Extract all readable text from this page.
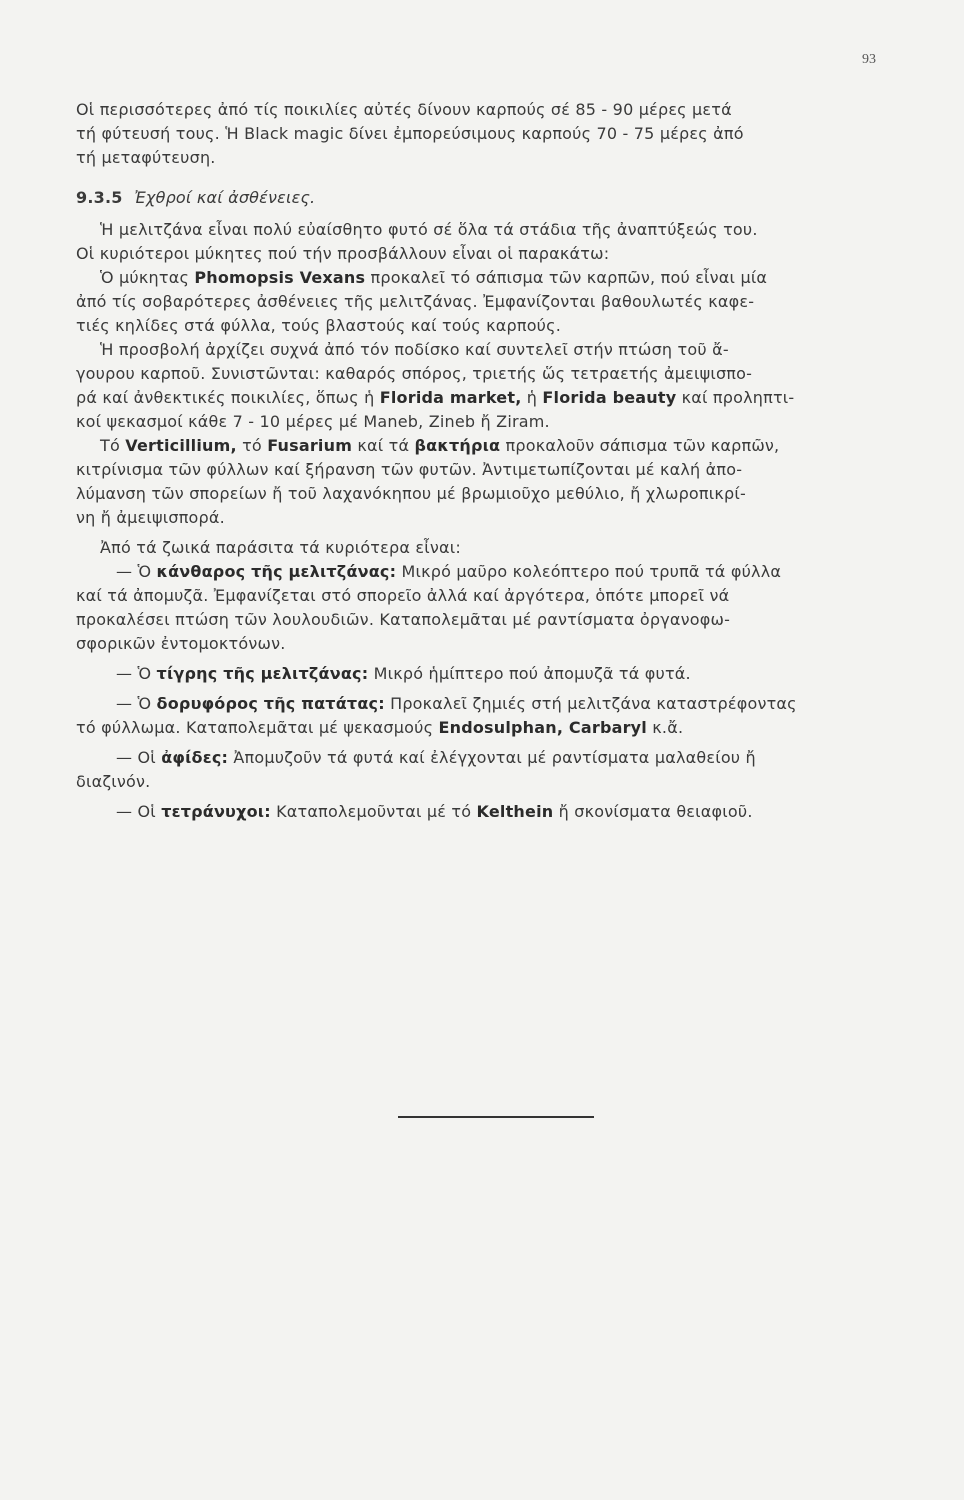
93
Οἱ περισσότερες ἀπό τίς ποικιλίες αὐτές δίνουν καρπούς σέ 85 - 90 μέρες μετά
τή φύτευσή τους. Ἡ Black magic δίνει ἐμπορεύσιμους καρπούς 70 - 75 μέρες ἀπό
τή μεταφύτευση.
9.3.5 Ἐχθροί καί ἀσθένειες.
Ἡ μελιτζάνα εἶναι πολύ εὐαίσθητο φυτό σέ ὅλα τά στάδια τῆς ἀναπτύξεώς του.
Οἱ κυριότεροι μύκητες πού τήν προσβάλλουν εἶναι οἱ παρακάτω:
Ὁ μύκητας Phomopsis Vexans προκαλεῖ τό σάπισμα τῶν καρπῶν, πού εἶναι μία
ἀπό τίς σοβαρότερες ἀσθένειες τῆς μελιτζάνας. Ἐμφανίζονται βαθουλωτές καφε-
τιές κηλίδες στά φύλλα, τούς βλαστούς καί τούς καρπούς.
Ἡ προσβολή ἀρχίζει συχνά ἀπό τόν ποδίσκο καί συντελεῖ στήν πτώση τοῦ ἄ-
γουρου καρποῦ. Συνιστῶνται: καθαρός σπόρος, τριετής ὥς τετραετής ἀμειψισπο-
ρά καί ἀνθεκτικές ποικιλίες, ὅπως ἡ Florida market, ἡ Florida beauty καί προληπτι-
κοί ψεκασμοί κάθε 7 - 10 μέρες μέ Maneb, Zineb ἤ Ziram.
Τό Verticillium, τό Fusarium καί τά βακτήρια προκαλοῦν σάπισμα τῶν καρπῶν,
κιτρίνισμα τῶν φύλλων καί ξήρανση τῶν φυτῶν. Ἀντιμετωπίζονται μέ καλή ἀπο-
λύμανση τῶν σπορείων ἤ τοῦ λαχανόκηπου μέ βρωμιοῦχο μεθύλιο, ἤ χλωροπικρί-
νη ἤ ἀμειψισπορά.
Ἀπό τά ζωικά παράσιτα τά κυριότερα εἶναι:
— Ὁ κάνθαρος τῆς μελιτζάνας: Μικρό μαῦρο κολεόπτερο πού τρυπᾶ τά φύλλα
καί τά ἀπομυζᾶ. Ἐμφανίζεται στό σπορεῖο ἀλλά καί ἀργότερα, ὁπότε μπορεῖ νά
προκαλέσει πτώση τῶν λουλουδιῶν. Καταπολεμᾶται μέ ραντίσματα ὀργανοφω-
σφορικῶν ἐντομοκτόνων.
— Ὁ τίγρης τῆς μελιτζάνας: Μικρό ἡμίπτερο πού ἀπομυζᾶ τά φυτά.
— Ὁ δορυφόρος τῆς πατάτας: Προκαλεῖ ζημιές στή μελιτζάνα καταστρέφοντας
τό φύλλωμα. Καταπολεμᾶται μέ ψεκασμούς Endosulphan, Carbaryl κ.ἄ.
— Οἱ ἀφίδες: Ἀπομυζοῦν τά φυτά καί ἐλέγχονται μέ ραντίσματα μαλαθείου ἤ
διαζινόν.
— Οἱ τετράνυχοι: Καταπολεμοῦνται μέ τό Kelthein ἤ σκονίσματα θειαφιοῦ.
